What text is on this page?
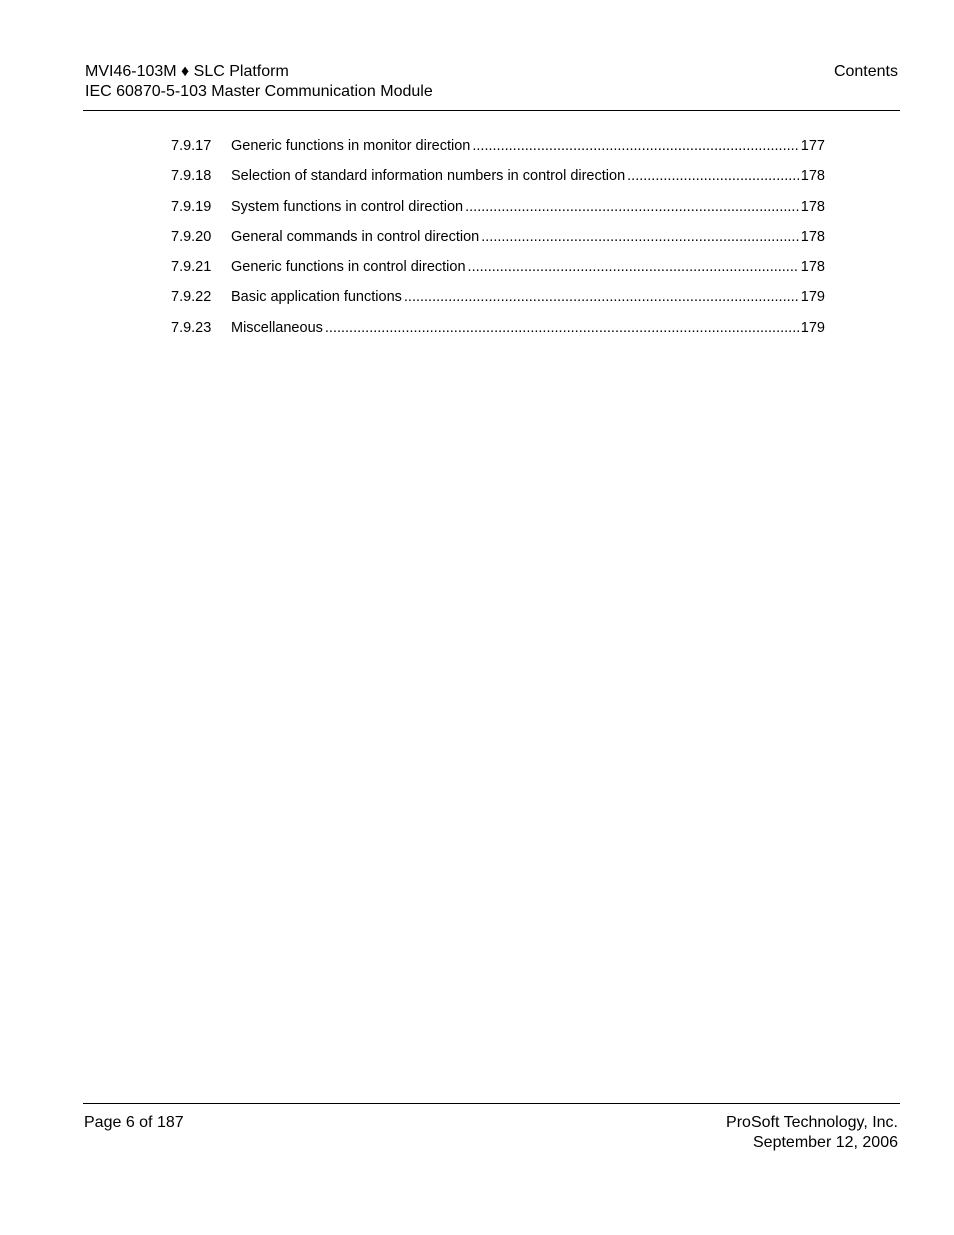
MVI46-103M ♦ SLC Platform
IEC 60870-5-103 Master Communication Module
Contents
7.9.17 Generic functions in monitor direction .....	177
7.9.18 Selection of standard information numbers in control direction .....	178
7.9.19 System functions in control direction .....	178
7.9.20 General commands in control direction .....	178
7.9.21 Generic functions in control direction .....	178
7.9.22 Basic application functions .....	179
7.9.23 Miscellaneous .....	179
Page 6 of 187	ProSoft Technology, Inc.
September 12, 2006
